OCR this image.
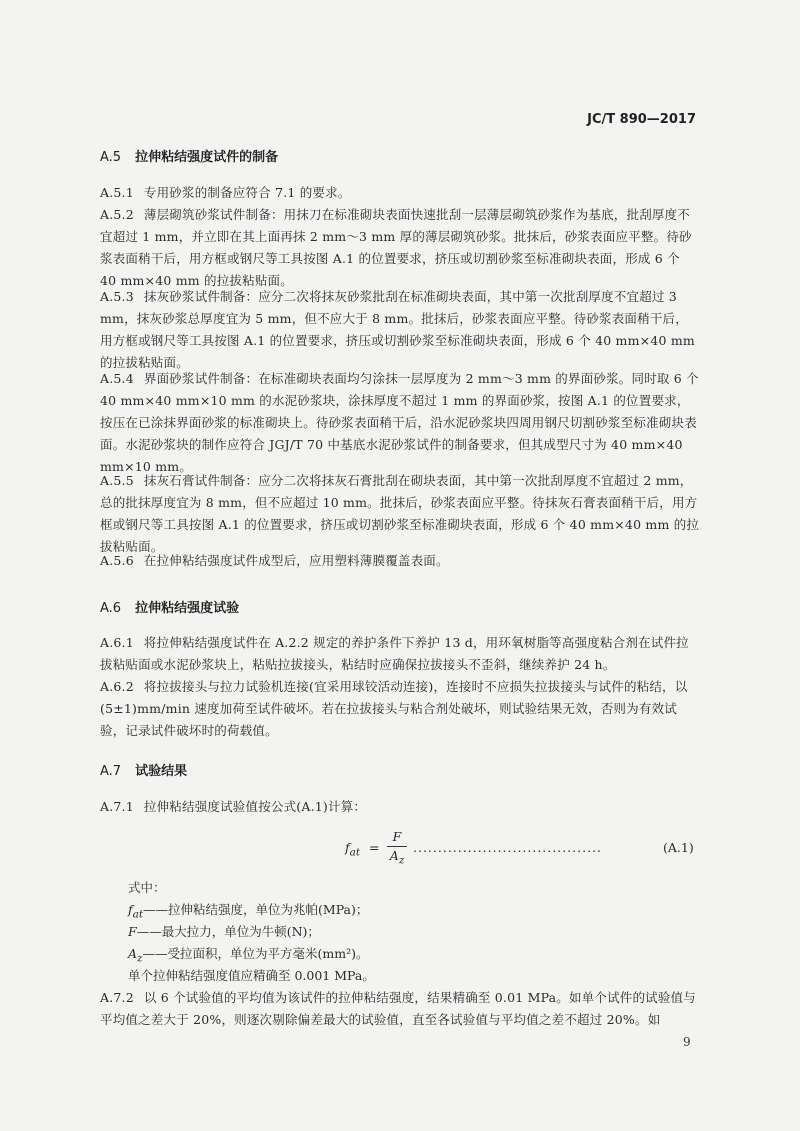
JC/T 890—2017
A.5 拉伸粘结强度试件的制备

A.5.1 专用砂浆的制备应符合 7.1 的要求。

A.5.2 薄层砌筑砂浆试件制备：用抹刀在标准砌块表面快速批刮一层薄层砌筑砂浆作为基底，批刮厚度不宜超过 1 mm，并立即在其上面再抹 2 mm～3 mm 厚的薄层砌筑砂浆。批抹后，砂浆表面应平整。待砂浆表面稍干后，用方框或钢尺等工具按图 A.1 的位置要求，挤压或切割砂浆至标准砌块表面，形成 6 个 40 mm×40 mm 的拉拔粘贴面。

A.5.3 抹灰砂浆试件制备：应分二次将抹灰砂浆批刮在标准砌块表面，其中第一次批刮厚度不宜超过 3 mm，抹灰砂浆总厚度宜为 5 mm，但不应大于 8 mm。批抹后，砂浆表面应平整。待砂浆表面稍干后，用方框或钢尺等工具按图 A.1 的位置要求，挤压或切割砂浆至标准砌块表面，形成 6 个 40 mm×40 mm 的拉拔粘贴面。

A.5.4 界面砂浆试件制备：在标准砌块表面均匀涂抹一层厚度为 2 mm～3 mm 的界面砂浆。同时取 6 个 40 mm×40 mm×10 mm 的水泥砂浆块，涂抹厚度不超过 1 mm 的界面砂浆，按图 A.1 的位置要求，按压在已涂抹界面砂浆的标准砌块上。待砂浆表面稍干后，沿水泥砂浆块四周用钢尺切割砂浆至标准砌块表面。水泥砂浆块的制作应符合 JGJ/T 70 中基底水泥砂浆试件的制备要求，但其成型尺寸为 40 mm×40 mm×10 mm。

A.5.5 抹灰石膏试件制备：应分二次将抹灰石膏批刮在砌块表面，其中第一次批刮厚度不宜超过 2 mm，总的批抹厚度宜为 8 mm，但不应超过 10 mm。批抹后，砂浆表面应平整。待抹灰石膏表面稍干后，用方框或钢尺等工具按图 A.1 的位置要求，挤压或切割砂浆至标准砌块表面，形成 6 个 40 mm×40 mm 的拉拔粘贴面。

A.5.6 在拉伸粘结强度试件成型后，应用塑料薄膜覆盖表面。

A.6 拉伸粘结强度试验

A.6.1 将拉伸粘结强度试件在 A.2.2 规定的养护条件下养护 13 d，用环氧树脂等高强度粘合剂在试件拉拔粘贴面或水泥砂浆块上，粘贴拉拔接头，粘结时应确保拉拔接头不歪斜，继续养护 24 h。

A.6.2 将拉拔接头与拉力试验机连接(宜采用球铰活动连接)，连接时不应损失拉拔接头与试件的粘结，以(5±1)mm/min 速度加荷至试件破坏。若在拉拔接头与粘合剂处破坏，则试验结果无效，否则为有效试验，记录试件破坏时的荷载值。

A.7 试验结果

A.7.1 拉伸粘结强度试验值按公式(A.1)计算：

$f_{at}$ =
F
$A_z$
......................................	(A.1)
式中：
$f_{at}——$拉伸粘结强度，单位为兆帕(MPa)；
F——最大拉力，单位为牛顿(N)；
$A_z——$受拉面积，单位为平方毫米(mm²)。
单个拉伸粘结强度值应精确至 0.001 MPa。

A.7.2 以 6 个试验值的平均值为该试件的拉伸粘结强度，结果精确至 0.01 MPa。如单个试件的试验值与平均值之差大于 20%，则逐次剔除偏差最大的试验值，直至各试验值与平均值之差不超过 20%。如

9
